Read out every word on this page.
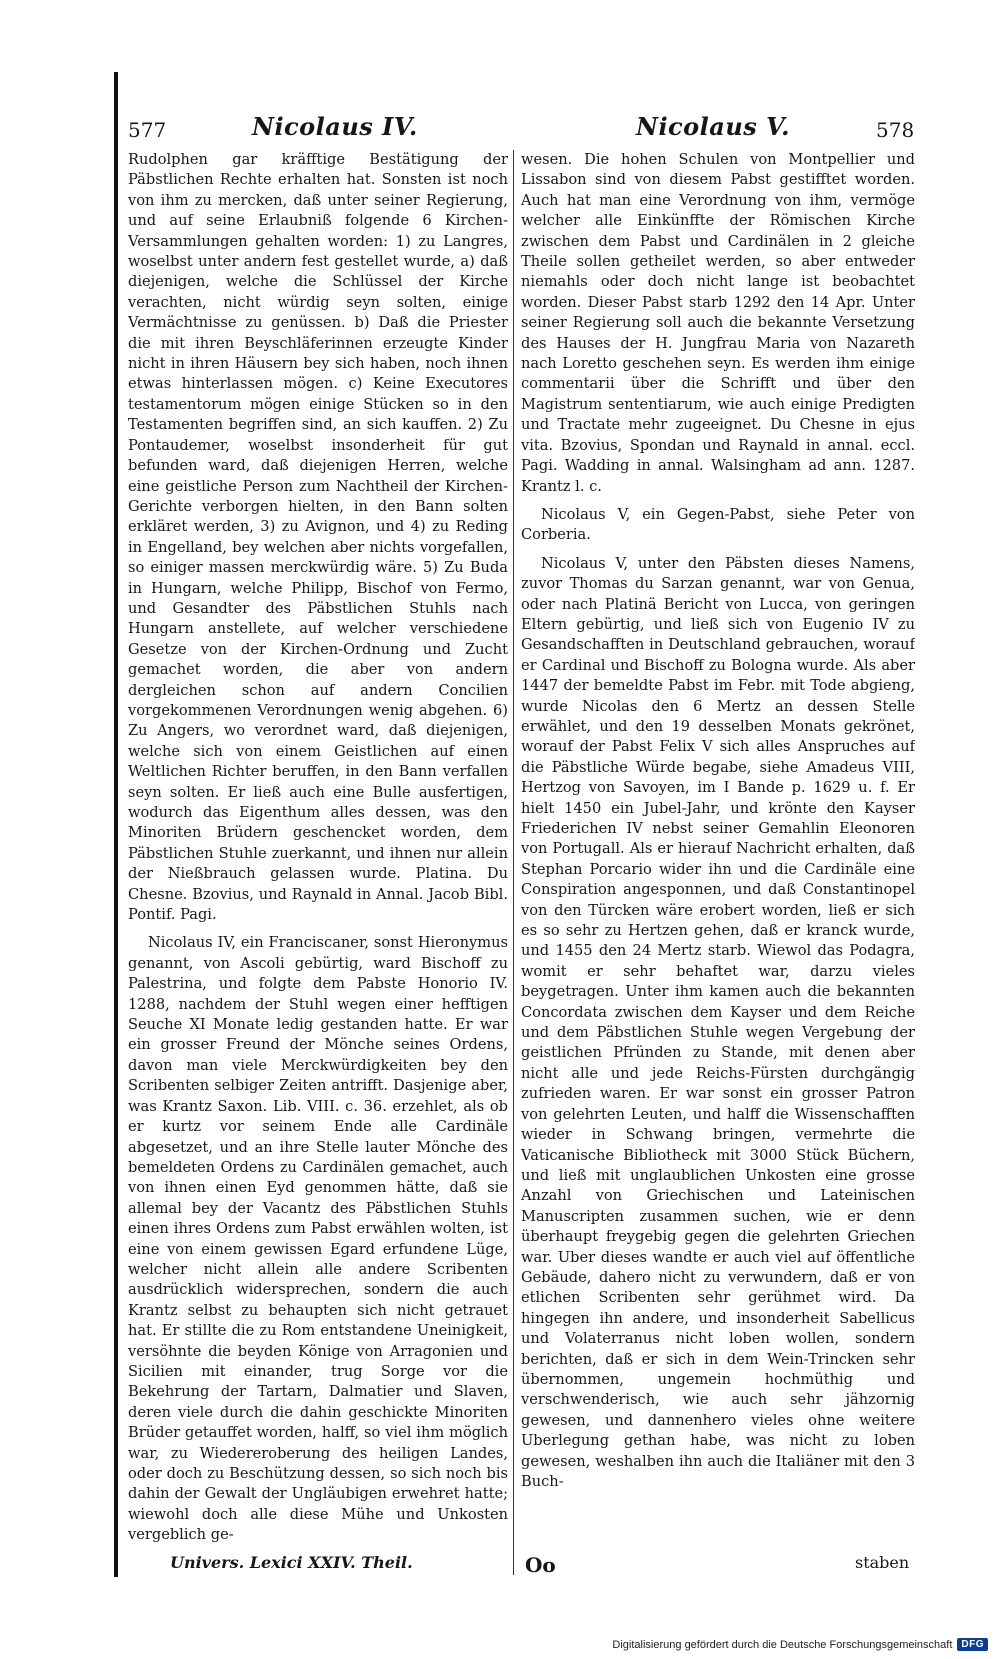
577	Nicolaus IV.	Nicolaus V.	578

Rudolphen gar kräfftige Bestätigung der Päbstlichen Rechte erhalten hat. Sonsten ist noch von ihm zu mercken, daß unter seiner Regierung, und auf seine Erlaubniß folgende 6 Kirchen-Versammlungen gehalten worden: 1) zu Langres, woselbst unter andern fest gestellet wurde, a) daß diejenigen, welche die Schlüssel der Kirche verachten, nicht würdig seyn solten, einige Vermächtnisse zu genüssen. b) Daß die Priester die mit ihren Beyschläferinnen erzeugte Kinder nicht in ihren Häusern bey sich haben, noch ihnen etwas hinterlassen mögen. c) Keine Executores testamentorum mögen einige Stücken so in den Testamenten begriffen sind, an sich kauffen. 2) Zu Pontaudemer, woselbst insonderheit für gut befunden ward, daß diejenigen Herren, welche eine geistliche Person zum Nachtheil der Kirchen-Gerichte verborgen hielten, in den Bann solten erkläret werden, 3) zu Avignon, und 4) zu Reding in Engelland, bey welchen aber nichts vorgefallen, so einiger massen merckwürdig wäre. 5) Zu Buda in Hungarn, welche Philipp, Bischof von Fermo, und Gesandter des Päbstlichen Stuhls nach Hungarn anstellete, auf welcher verschiedene Gesetze von der Kirchen-Ordnung und Zucht gemachet worden, die aber von andern dergleichen schon auf andern Concilien vorgekommenen Verordnungen wenig abgehen. 6) Zu Angers, wo verordnet ward, daß diejenigen, welche sich von einem Geistlichen auf einen Weltlichen Richter beruffen, in den Bann verfallen seyn solten. Er ließ auch eine Bulle ausfertigen, wodurch das Eigenthum alles dessen, was den Minoriten Brüdern geschencket worden, dem Päbstlichen Stuhle zuerkannt, und ihnen nur allein der Nießbrauch gelassen wurde. Platina. Du Chesne. Bzovius, und Raynald in Annal. Jacob Bibl. Pontif. Pagi.

Nicolaus IV, ein Franciscaner, sonst Hieronymus genannt, von Ascoli gebürtig, ward Bischoff zu Palestrina, und folgte dem Pabste Honorio IV. 1288, nachdem der Stuhl wegen einer hefftigen Seuche XI Monate ledig gestanden hatte. Er war ein grosser Freund der Mönche seines Ordens, davon man viele Merckwürdigkeiten bey den Scribenten selbiger Zeiten antrifft. Dasjenige aber, was Krantz Saxon. Lib. VIII. c. 36. erzehlet, als ob er kurtz vor seinem Ende alle Cardinäle abgesetzet, und an ihre Stelle lauter Mönche des bemeldeten Ordens zu Cardinälen gemachet, auch von ihnen einen Eyd genommen hätte, daß sie allemal bey der Vacantz des Päbstlichen Stuhls einen ihres Ordens zum Pabst erwählen wolten, ist eine von einem gewissen Egard erfundene Lüge, welcher nicht allein alle andere Scribenten ausdrücklich widersprechen, sondern die auch Krantz selbst zu behaupten sich nicht getrauet hat. Er stillte die zu Rom entstandene Uneinigkeit, versöhnte die beyden Könige von Arragonien und Sicilien mit einander, trug Sorge vor die Bekehrung der Tartarn, Dalmatier und Slaven, deren viele durch die dahin geschickte Minoriten Brüder getauffet worden, halff, so viel ihm möglich war, zu Wiedereroberung des heiligen Landes, oder doch zu Beschützung dessen, so sich noch bis dahin der Gewalt der Ungläubigen erwehret hatte; wiewohl doch alle diese Mühe und Unkosten vergeblich ge-

wesen. Die hohen Schulen von Montpellier und Lissabon sind von diesem Pabst gestifftet worden. Auch hat man eine Verordnung von ihm, vermöge welcher alle Einkünffte der Römischen Kirche zwischen dem Pabst und Cardinälen in 2 gleiche Theile sollen getheilet werden, so aber entweder niemahls oder doch nicht lange ist beobachtet worden. Dieser Pabst starb 1292 den 14 Apr. Unter seiner Regierung soll auch die bekannte Versetzung des Hauses der H. Jungfrau Maria von Nazareth nach Loretto geschehen seyn. Es werden ihm einige commentarii über die Schrifft und über den Magistrum sententiarum, wie auch einige Predigten und Tractate mehr zugeeignet. Du Chesne in ejus vita. Bzovius, Spondan und Raynald in annal. eccl. Pagi. Wadding in annal. Walsingham ad ann. 1287. Krantz l. c.

Nicolaus V, ein Gegen-Pabst, siehe Peter von Corberia.

Nicolaus V, unter den Päbsten dieses Namens, zuvor Thomas du Sarzan genannt, war von Genua, oder nach Platinä Bericht von Lucca, von geringen Eltern gebürtig, und ließ sich von Eugenio IV zu Gesandschafften in Deutschland gebrauchen, worauf er Cardinal und Bischoff zu Bologna wurde. Als aber 1447 der bemeldte Pabst im Febr. mit Tode abgieng, wurde Nicolas den 6 Mertz an dessen Stelle erwählet, und den 19 desselben Monats gekrönet, worauf der Pabst Felix V sich alles Anspruches auf die Päbstliche Würde begabe, siehe Amadeus VIII, Hertzog von Savoyen, im I Bande p. 1629 u. f. Er hielt 1450 ein Jubel-Jahr, und krönte den Kayser Friederichen IV nebst seiner Gemahlin Eleonoren von Portugall. Als er hierauf Nachricht erhalten, daß Stephan Porcario wider ihn und die Cardinäle eine Conspiration angesponnen, und daß Constantinopel von den Türcken wäre erobert worden, ließ er sich es so sehr zu Hertzen gehen, daß er kranck wurde, und 1455 den 24 Mertz starb. Wiewol das Podagra, womit er sehr behaftet war, darzu vieles beygetragen. Unter ihm kamen auch die bekannten Concordata zwischen dem Kayser und dem Reiche und dem Päbstlichen Stuhle wegen Vergebung der geistlichen Pfründen zu Stande, mit denen aber nicht alle und jede Reichs-Fürsten durchgängig zufrieden waren. Er war sonst ein grosser Patron von gelehrten Leuten, und halff die Wissenschafften wieder in Schwang bringen, vermehrte die Vaticanische Bibliotheck mit 3000 Stück Büchern, und ließ mit unglaublichen Unkosten eine grosse Anzahl von Griechischen und Lateinischen Manuscripten zusammen suchen, wie er denn überhaupt freygebig gegen die gelehrten Griechen war. Uber dieses wandte er auch viel auf öffentliche Gebäude, dahero nicht zu verwundern, daß er von etlichen Scribenten sehr gerühmet wird. Da hingegen ihn andere, und insonderheit Sabellicus und Volaterranus nicht loben wollen, sondern berichten, daß er sich in dem Wein-Trincken sehr übernommen, ungemein hochmüthig und verschwenderisch, wie auch sehr jähzornig gewesen, und dannenhero vieles ohne weitere Uberlegung gethan habe, was nicht zu loben gewesen, weshalben ihn auch die Italiäner mit den 3 Buch-

Univers. Lexici XXIV. Theil.	Oo	staben
Digitalisierung gefördert durch die Deutsche Forschungsgemeinschaft DFG
